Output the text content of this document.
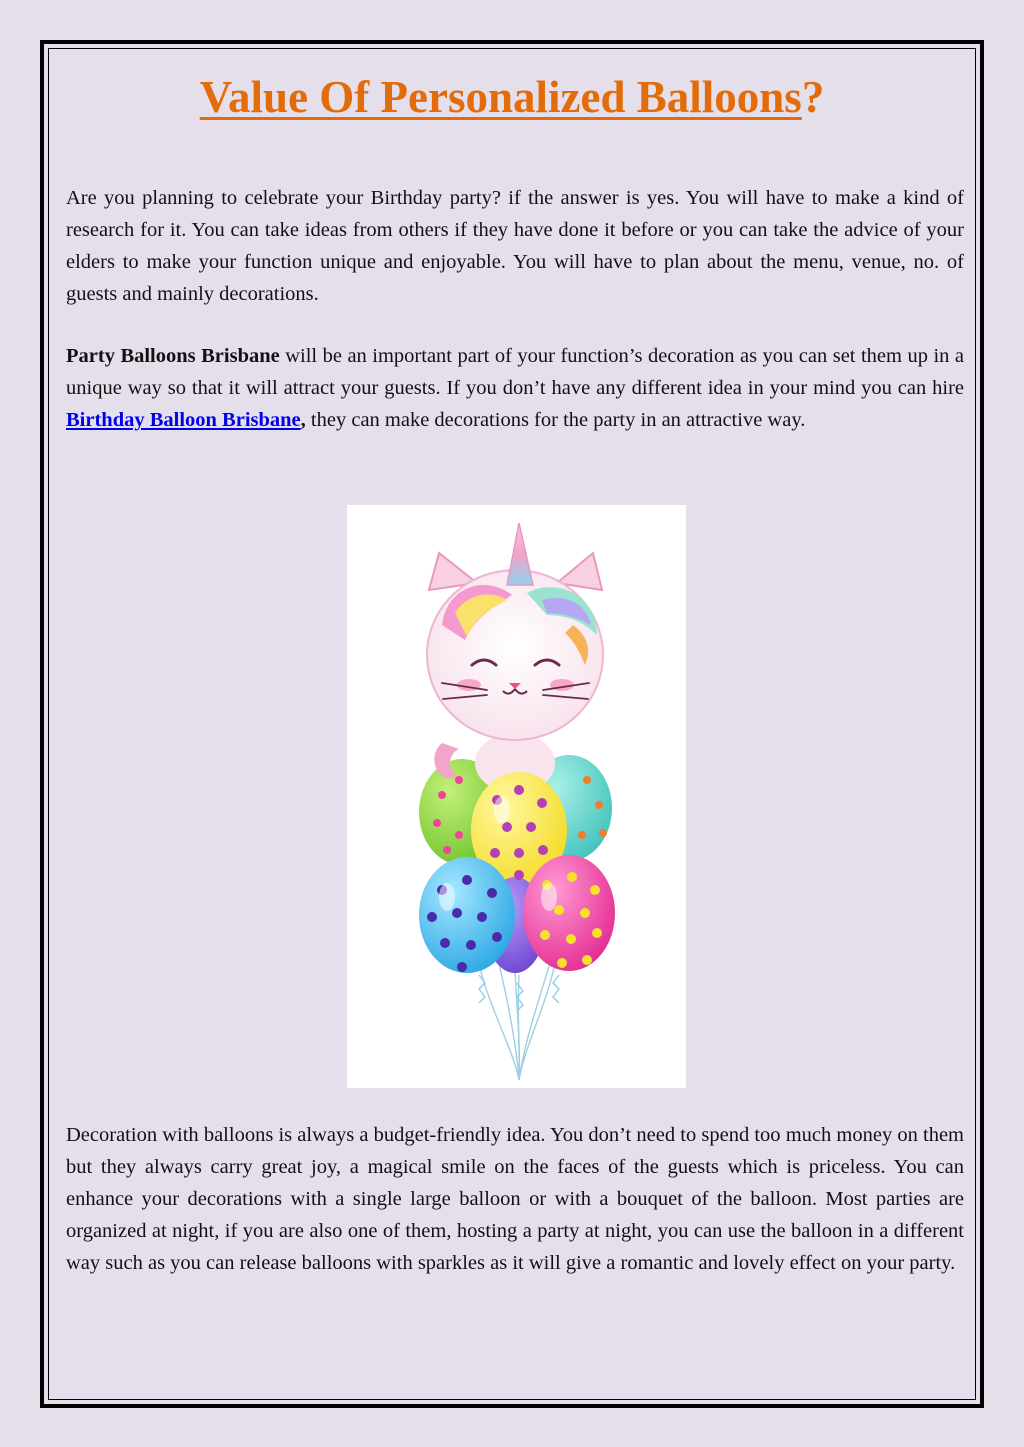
Value Of Personalized Balloons?

Are you planning to celebrate your Birthday party? if the answer is yes. You will have to make a kind of research for it. You can take ideas from others if they have done it before or you can take the advice of your elders to make your function unique and enjoyable. You will have to plan about the menu, venue, no. of guests and mainly decorations.

Party Balloons Brisbane will be an important part of your function’s decoration as you can set them up in a unique way so that it will attract your guests. If you don’t have any different idea in your mind you can hire Birthday Balloon Brisbane, they can make decorations for the party in an attractive way.

Decoration with balloons is always a budget-friendly idea. You don’t need to spend too much money on them but they always carry great joy, a magical smile on the faces of the guests which is priceless. You can enhance your decorations with a single large balloon or with a bouquet of the balloon. Most parties are organized at night, if you are also one of them, hosting a party at night, you can use the balloon in a different way such as you can release balloons with sparkles as it will give a romantic and lovely effect on your party.
